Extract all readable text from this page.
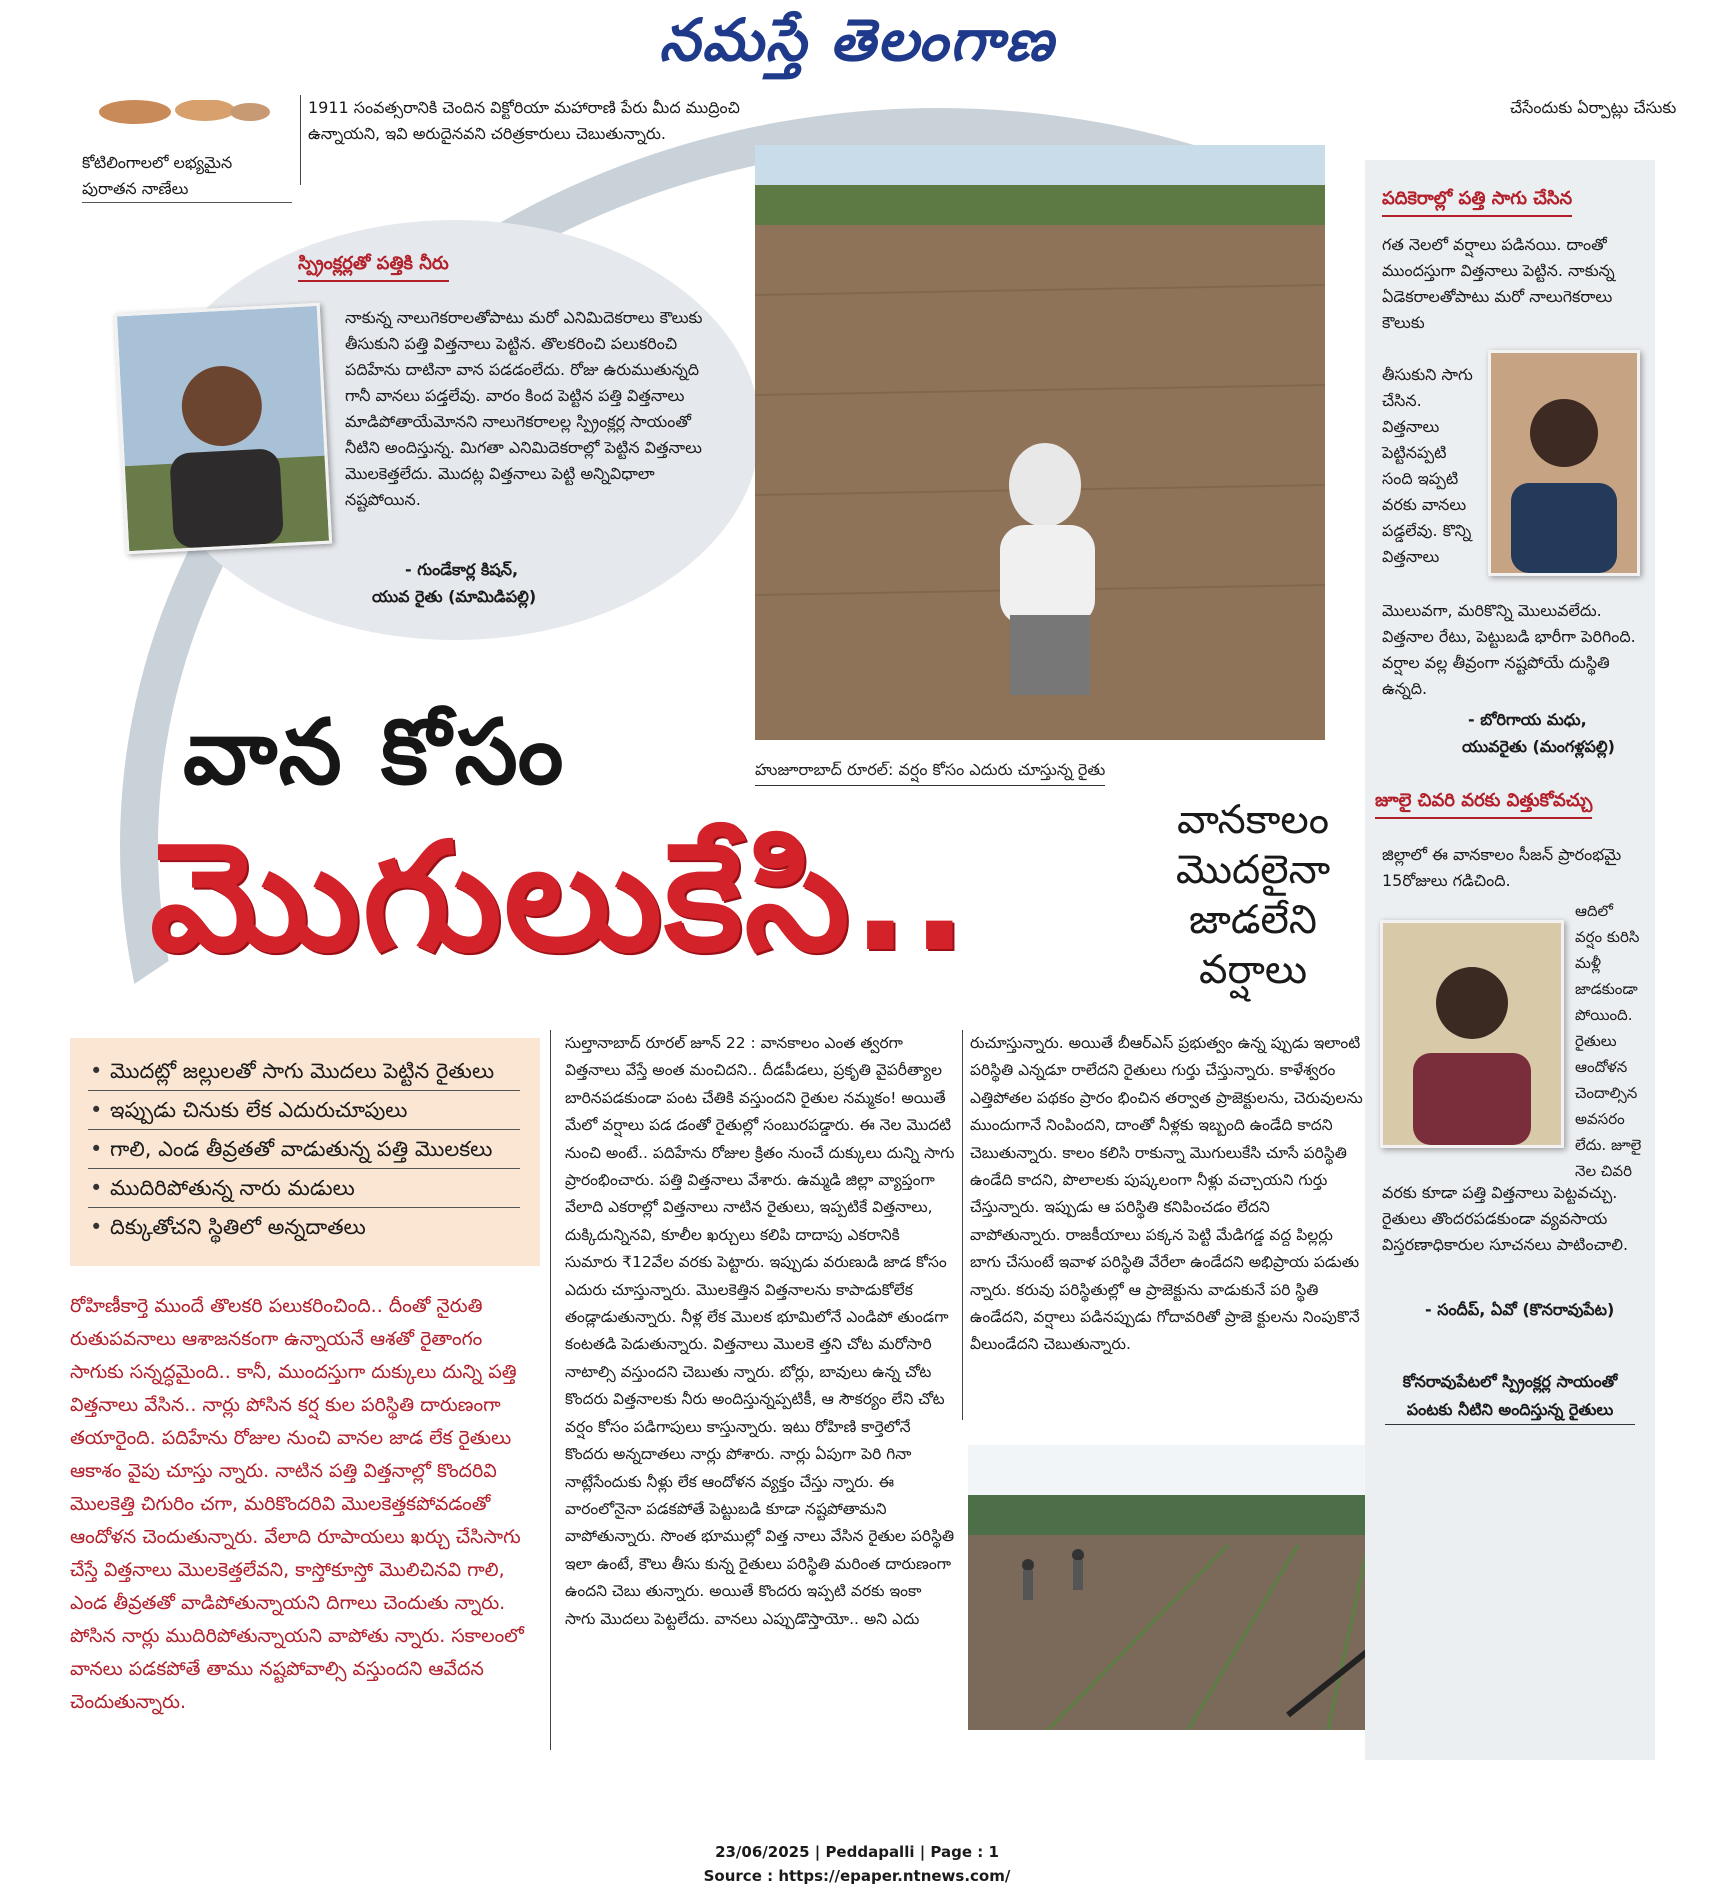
నమస్తే తెలంగాణ
కోటిలింగాలలో లభ్యమైన
పురాతన నాణేలు
1911 సంవత్సరానికి చెందిన విక్టోరియా మహారాణి పేరు మీద ముద్రించి ఉన్నాయని, ఇవి అరుదైనవని చరిత్రకారులు చెబుతున్నారు.
చేసేందుకు ఏర్పాట్లు చేసుకు
స్ప్రింక్లర్లతో పత్తికి నీరు
నాకున్న నాలుగెకరాలతోపాటు మరో ఎనిమిదెకరాలు కౌలుకు తీసుకుని పత్తి విత్తనాలు పెట్టిన. తొలకరించి పలుకరించి పదిహేను దాటినా వాన పడడంలేదు. రోజు ఉరుముతున్నది గానీ వానలు పడ్తలేవు. వారం కింద పెట్టిన పత్తి విత్తనాలు మాడిపోతాయేమోనని నాలుగెకరాలల్ల స్ప్రింక్లర్ల సాయంతో నీటిని అందిస్తున్న. మిగతా ఎనిమిదెకరాల్లో పెట్టిన విత్తనాలు మొలకెత్తలేదు. మొదట్ల విత్తనాలు పెట్టి అన్నివిధాలా నష్టపోయిన.
- గుండేకార్ల కిషన్,
యువ రైతు (మామిడిపల్లి)
హుజూరాబాద్ రూరల్: వర్షం కోసం ఎదురు చూస్తున్న రైతు
వాన కోసం
మొగులుకేసి..	వానకాలం
మొదలైనా
జాడలేని
వర్షాలు
• మొదట్లో జల్లులతో సాగు మొదలు పెట్టిన రైతులు
• ఇప్పుడు చినుకు లేక ఎదురుచూపులు
• గాలి, ఎండ తీవ్రతతో వాడుతున్న పత్తి మొలకలు
• ముదిరిపోతున్న నారు మడులు
• దిక్కుతోచని స్థితిలో అన్నదాతలు
రోహిణీకార్తె ముందే తొలకరి పలుకరించింది.. దీంతో నైరుతి రుతుపవనాలు ఆశాజనకంగా ఉన్నాయనే ఆశతో రైతాంగం సాగుకు సన్నద్ధమైంది.. కానీ, ముందస్తుగా దుక్కులు దున్ని పత్తి విత్తనాలు వేసిన.. నార్లు పోసిన కర్ష కుల పరిస్థితి దారుణంగా తయారైంది. పదిహేను రోజుల నుంచి వానల జాడ లేక రైతులు ఆకాశం వైపు చూస్తు న్నారు. నాటిన పత్తి విత్తనాల్లో కొందరివి మొలకెత్తి చిగురిం చగా, మరికొందరివి మొలకెత్తకపోవడంతో ఆందోళన చెందుతున్నారు. వేలాది రూపాయలు ఖర్చు చేసిసాగు చేస్తే విత్తనాలు మొలకెత్తలేవని, కాస్తోకూస్తో మొలిచినవి గాలి, ఎండ తీవ్రతతో వాడిపోతున్నాయని దిగాలు చెందుతు న్నారు. పోసిన నార్లు ముదిరిపోతున్నాయని వాపోతు న్నారు. సకాలంలో వానలు పడకపోతే తాము నష్టపోవాల్సి వస్తుందని ఆవేదన చెందుతున్నారు.
సుల్తానాబాద్ రూరల్ జూన్ 22 : వానకాలం ఎంత త్వరగా విత్తనాలు వేస్తే అంత మంచిదని.. దీడపీడలు, ప్రకృతి వైపరీత్యాల బారినపడకుండా పంట చేతికి వస్తుందని రైతుల నమ్మకం! అయితే మేలో వర్షాలు పడ డంతో రైతుల్లో సంబురపడ్డారు. ఈ నెల మొదటి నుంచి అంటే.. పదిహేను రోజుల క్రితం నుంచే దుక్కులు దున్ని సాగు ప్రారంభించారు. పత్తి విత్తనాలు వేశారు. ఉమ్మడి జిల్లా వ్యాప్తంగా వేలాది ఎకరాల్లో విత్తనాలు నాటిన రైతులు, ఇప్పటికే విత్తనాలు, దుక్కిదున్నినవి, కూలీల ఖర్చులు కలిపి దాదాపు ఎకరానికి సుమారు ₹12వేల వరకు పెట్టారు. ఇప్పుడు వరుణుడి జాడ కోసం ఎదురు చూస్తున్నారు. మొలకెత్తిన విత్తనాలను కాపాడుకోలేక తండ్లాడుతున్నారు. నీళ్ల లేక మొలక భూమిలోనే ఎండిపో తుండగా కంటతడి పెడుతున్నారు. విత్తనాలు మొలకె త్తని చోట మరోసారి నాటాల్సి వస్తుందని చెబుతు న్నారు. బోర్లు, బావులు ఉన్న చోట కొందరు విత్తనాలకు నీరు అందిస్తున్నప్పటికీ, ఆ సౌకర్యం లేని చోట వర్షం కోసం పడిగాపులు కాస్తున్నారు. ఇటు రోహిణి కార్తెలోనే కొందరు అన్నదాతలు నార్లు పోశారు. నార్లు ఏపుగా పెరి గినా నాట్లేసేందుకు నీళ్లు లేక ఆందోళన వ్యక్తం చేస్తు న్నారు. ఈ వారంలోనైనా పడకపోతే పెట్టుబడి కూడా నష్టపోతామని వాపోతున్నారు. సొంత భూముల్లో విత్త నాలు వేసిన రైతుల పరిస్థితి ఇలా ఉంటే, కౌలు తీసు కున్న రైతులు పరిస్థితి మరింత దారుణంగా ఉందని చెబు తున్నారు. అయితే కొందరు ఇప్పటి వరకు ఇంకా సాగు మొదలు పెట్టలేదు. వానలు ఎప్పుడొస్తాయో.. అని ఎదు
రుచూస్తున్నారు. అయితే బీఆర్ఎస్ ప్రభుత్వం ఉన్న ప్పుడు ఇలాంటి పరిస్థితి ఎన్నడూ రాలేదని రైతులు గుర్తు చేస్తున్నారు. కాళేశ్వరం ఎత్తిపోతల పథకం ప్రారం భించిన తర్వాత ప్రాజెక్టులను, చెరువులను ముందుగానే నింపిందని, దాంతో నీళ్లకు ఇబ్బంది ఉండేది కాదని చెబుతున్నారు. కాలం కలిసి రాకున్నా మొగులుకేసి చూసే పరిస్థితి ఉండేది కాదని, పొలాలకు పుష్కలంగా నీళ్లు వచ్చాయని గుర్తు చేస్తున్నారు. ఇప్పుడు ఆ పరిస్థితి కనిపించడం లేదని వాపోతున్నారు. రాజకీయాలు పక్కన పెట్టి మేడిగడ్డ వద్ద పిల్లర్లు బాగు చేసుంటే ఇవాళ పరిస్థితి వేరేలా ఉండేదని అభిప్రాయ పడుతు న్నారు. కరువు పరిస్థితుల్లో ఆ ప్రాజెక్టును వాడుకునే పరి స్థితి ఉండేదని, వర్షాలు పడినప్పుడు గోదావరితో ప్రాజె క్టులను నింపుకొనే వీలుండేదని చెబుతున్నారు.
పదికెరాల్లో పత్తి సాగు చేసిన
గత నెలలో వర్షాలు పడినయి. దాంతో ముందస్తుగా విత్తనాలు పెట్టిన. నాకున్న ఏడెకరాలతోపాటు మరో నాలుగెకరాలు కౌలుకు
తీసుకుని సాగు చేసిన. విత్తనాలు పెట్టినప్పటి సంది ఇప్పటి వరకు వానలు పడ్డలేవు. కొన్ని విత్తనాలు
మొలువగా, మరికొన్ని మొలువలేదు. విత్తనాల రేటు, పెట్టుబడి భారీగా పెరిగింది. వర్షాల వల్ల తీవ్రంగా నష్టపోయే దుస్థితి ఉన్నది.
- బోరిగాయ మధు,
యువరైతు (మంగళ్లపల్లి)
జూలై చివరి వరకు విత్తుకోవచ్చు
జిల్లాలో ఈ వానకాలం సీజన్ ప్రారంభమై 15రోజులు గడిచింది.
ఆదిలో వర్షం కురిసి మళ్లీ జాడకుండా పోయింది. రైతులు ఆందోళన చెందాల్సిన అవసరం లేదు. జూలై నెల చివరి
వరకు కూడా పత్తి విత్తనాలు పెట్టవచ్చు. రైతులు తొందరపడకుండా వ్యవసాయ విస్తరణాధికారుల సూచనలు పాటించాలి.
- సందీప్, ఏవో (కొనరావుపేట)
కోనరావుపేటలో స్ప్రింక్లర్ల సాయంతో
పంటకు నీటిని అందిస్తున్న రైతులు
23/06/2025 | Peddapalli | Page : 1
Source : https://epaper.ntnews.com/
